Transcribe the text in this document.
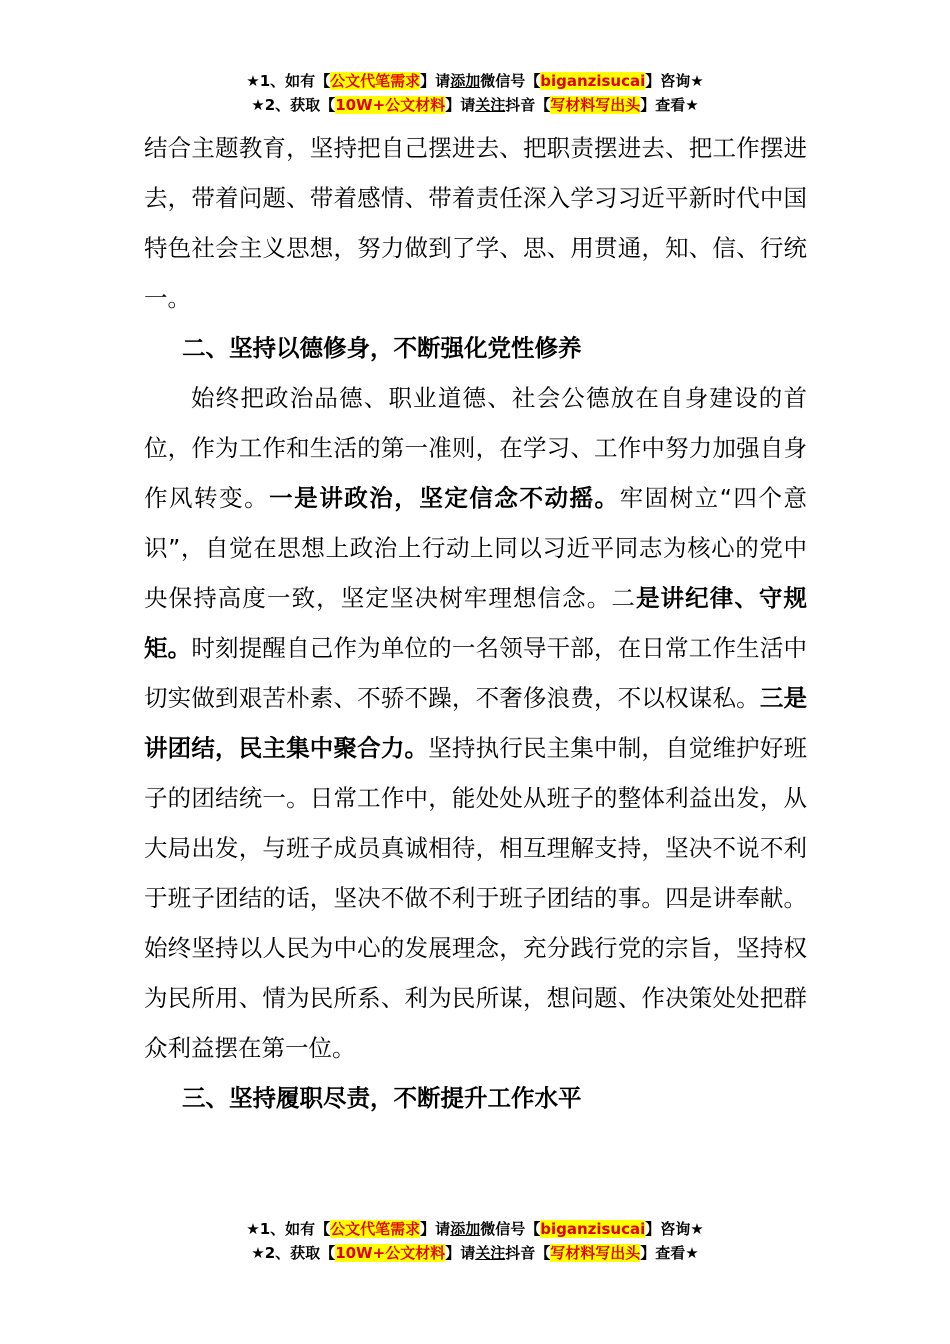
★1、如有【公文代笔需求】请添加微信号【biganzisucai】咨询★
★2、获取【10W+公文材料】请关注抖音【写材料写出头】查看★

结合主题教育，坚持把自己摆进去、把职责摆进去、把工作摆进去，带着问题、带着感情、带着责任深入学习习近平新时代中国特色社会主义思想，努力做到了学、思、用贯通，知、信、行统一。

二、坚持以德修身，不断强化党性修养

始终把政治品德、职业道德、社会公德放在自身建设的首位，作为工作和生活的第一准则，在学习、工作中努力加强自身作风转变。一是讲政治，坚定信念不动摇。牢固树立“四个意识”，自觉在思想上政治上行动上同以习近平同志为核心的党中央保持高度一致，坚定坚决树牢理想信念。二是讲纪律、守规矩。时刻提醒自己作为单位的一名领导干部，在日常工作生活中切实做到艰苦朴素、不骄不躁，不奢侈浪费，不以权谋私。三是讲团结，民主集中聚合力。坚持执行民主集中制，自觉维护好班子的团结统一。日常工作中，能处处从班子的整体利益出发，从大局出发，与班子成员真诚相待，相互理解支持，坚决不说不利于班子团结的话，坚决不做不利于班子团结的事。四是讲奉献。始终坚持以人民为中心的发展理念，充分践行党的宗旨，坚持权为民所用、情为民所系、利为民所谋，想问题、作决策处处把群众利益摆在第一位。

三、坚持履职尽责，不断提升工作水平
★1、如有【公文代笔需求】请添加微信号【biganzisucai】咨询★
★2、获取【10W+公文材料】请关注抖音【写材料写出头】查看★
